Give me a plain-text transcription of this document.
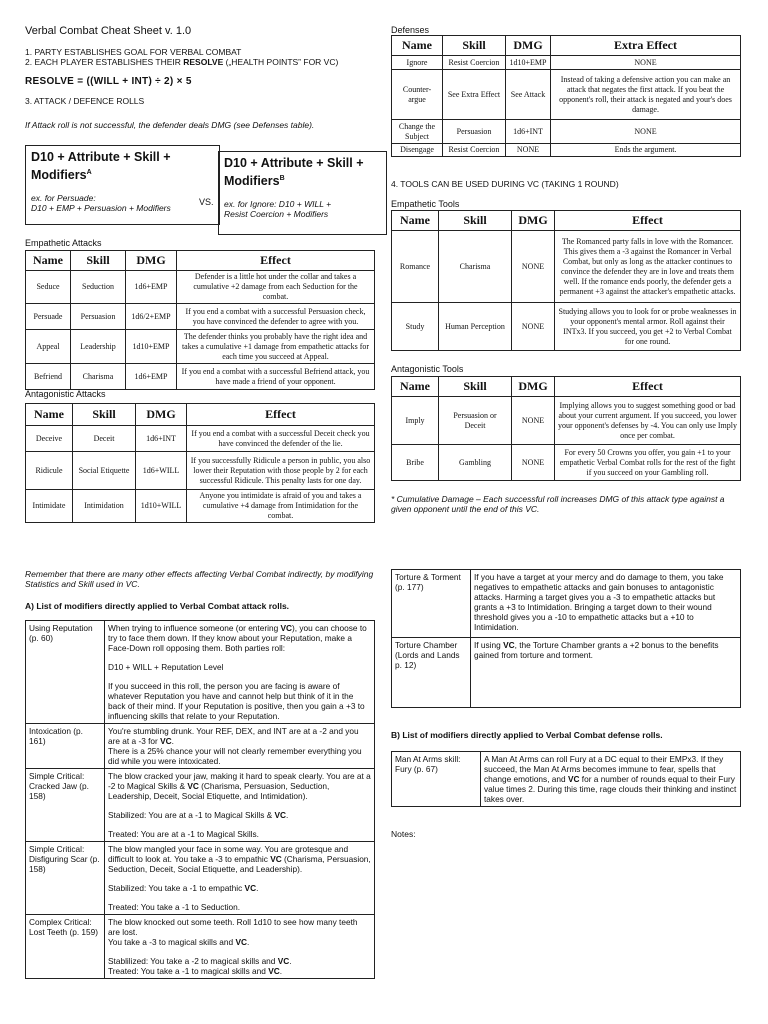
Verbal Combat Cheat Sheet v. 1.0
1. PARTY ESTABLISHES GOAL FOR VERBAL COMBAT
2. EACH PLAYER ESTABLISHES THEIR RESOLVE („HEALTH POINTS” FOR VC)
RESOLVE = ((WILL + INT) ÷ 2) × 5
3. ATTACK / DEFENCE ROLLS
If Attack roll is not successful, the defender deals DMG (see Defenses table).
D10 + Attribute + Skill + Modifiers$^A$
ex. for Persuade:
D10 + EMP + Persuasion + Modifiers
VS.
D10 + Attribute + Skill + Modifiers$^B$
ex. for Ignore: D10 + WILL +
Resist Coercion + Modifiers
Empathetic Attacks
Name	Skill	DMG	Effect
Seduce	Seduction	1d6+EMP	Defender is a little hot under the collar and takes a cumulative +2 damage from each Seduction for the combat.
Persuade	Persuasion	1d6/2+EMP	If you end a combat with a successful Persuasion check, you have convinced the defender to agree with you.
Appeal	Leadership	1d10+EMP	The defender thinks you probably have the right idea and takes a cumulative +1 damage from empathetic attacks for each time you succeed at Appeal.
Befriend	Charisma	1d6+EMP	If you end a combat with a successful Befriend attack, you have made a friend of your opponent.
Antagonistic Attacks
Name	Skill	DMG	Effect
Deceive	Deceit	1d6+INT	If you end a combat with a successful Deceit check you have convinced the defender of the lie.
Ridicule	Social Etiquette	1d6+WILL	If you successfully Ridicule a person in public, you also lower their Reputation with those people by 2 for each successful Ridicule. This penalty lasts for one day.
Intimidate	Intimidation	1d10+WILL	Anyone you intimidate is afraid of you and takes a cumulative +4 damage from Intimidation for the combat.
Defenses
Name	Skill	DMG	Extra Effect
Ignore	Resist Coercion	1d10+EMP	NONE
Counter-argue	See Extra Effect	See Attack	Instead of taking a defensive action you can make an attack that negates the first attack. If you beat the opponent's roll, their attack is negated and your's does damage.
Change the Subject	Persuasion	1d6+INT	NONE
Disengage	Resist Coercion	NONE	Ends the argument.
4. TOOLS CAN BE USED DURING VC (TAKING 1 ROUND)
Empathetic Tools
Name	Skill	DMG	Effect
Romance	Charisma	NONE	The Romanced party falls in love with the Romancer. This gives them a -3 against the Romancer in Verbal Combat, but only as long as the attacker continues to convince the defender they are in love and treats them well. If the romance ends poorly, the defender gets a permanent +3 against the attacker's empathetic attacks.
Study	Human Perception	NONE	Studying allows you to look for or probe weaknesses in your opponent's mental armor. Roll against their INTx3. If you succeed, you get +2 to Verbal Combat for one round.
Antagonistic Tools
Name	Skill	DMG	Effect
Imply	Persuasion or Deceit	NONE	Implying allows you to suggest something good or bad about your current argument. If you succeed, you lower your opponent's defenses by -4. You can only use Imply once per combat.
Bribe	Gambling	NONE	For every 50 Crowns you offer, you gain +1 to your empathetic Verbal Combat rolls for the rest of the fight if you succeed on your Gambling roll.
* Cumulative Damage – Each successful roll increases DMG of this attack type against a given opponent until the end of this VC.
Remember that there are many other effects affecting Verbal Combat indirectly, by modifying Statistics and Skill used in VC.
A) List of modifiers directly applied to Verbal Combat attack rolls.
Using Reputation (p. 60)	When trying to influence someone (or entering VC), you can choose to try to face them down. If they know about your Reputation, make a Face-Down roll opposing them. Both parties roll:
D10 + WILL + Reputation Level
If you succeed in this roll, the person you are facing is aware of whatever Reputation you have and cannot help but think of it in the back of their mind. If your Reputation is positive, then you gain a +3 to influencing skills that relate to your Reputation.

Intoxication (p. 161)	You're stumbling drunk. Your REF, DEX, and INT are at a -2 and you are at a -3 for VC.
There is a 25% chance your will not clearly remember everything you did while you were intoxicated.

Simple Critical: Cracked Jaw (p. 158)	The blow cracked your jaw, making it hard to speak clearly. You are at a -2 to Magical Skills & VC (Charisma, Persuasion, Seduction, Leadership, Deceit, Social Etiquette, and Intimidation).
Stabilized: You are at a -1 to Magical Skills & VC.
Treated: You are at a -1 to Magical Skills.

Simple Critical: Disfiguring Scar (p. 158)	The blow mangled your face in some way. You are grotesque and difficult to look at. You take a -3 to empathic VC (Charisma, Persuasion, Seduction, Deceit, Social Etiquette, and Leadership).
Stabilized: You take a -1 to empathic VC.
Treated: You take a -1 to Seduction.

Complex Critical: Lost Teeth (p. 159)	The blow knocked out some teeth. Roll 1d10 to see how many teeth are lost.
You take a -3 to magical skills and VC.
Stablilized: You take a -2 to magical skills and VC.
Treated: You take a -1 to magical skills and VC.
Torture & Torment (p. 177)	If you have a target at your mercy and do damage to them, you take negatives to empathetic attacks and gain bonuses to antagonistic attacks. Harming a target gives you a -3 to empathetic attacks but grants a +3 to Intimidation. Bringing a target down to their wound threshold gives you a -10 to empathetic attacks but a +10 to Intimidation.
Torture Chamber (Lords and Lands p. 12)	If using VC, the Torture Chamber grants a +2 bonus to the benefits gained from torture and torment.
B) List of modifiers directly applied to Verbal Combat defense rolls.
Man At Arms skill: Fury (p. 67)	A Man At Arms can roll Fury at a DC equal to their EMPx3. If they succeed, the Man At Arms becomes immune to fear, spells that change emotions, and VC for a number of rounds equal to their Fury value times 2. During this time, rage clouds their thinking and instinct takes over.
Notes:
